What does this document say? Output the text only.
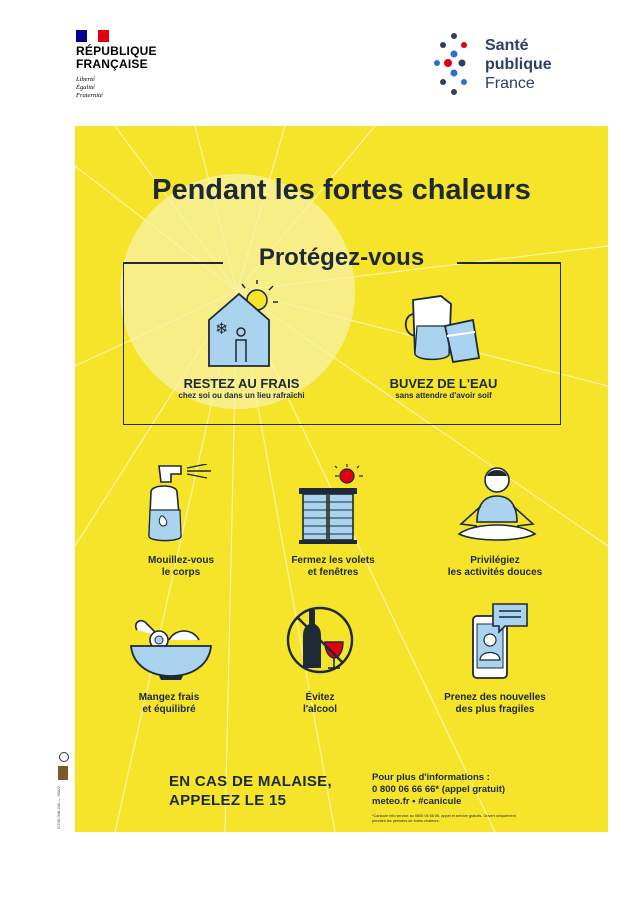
RÉPUBLIQUE
FRANÇAISE
Liberté
Égalité
Fraternité
Santé
publique
France
Pendant les fortes chaleurs
Protégez-vous
❄
RESTEZ AU FRAIS
chez soi ou dans un lieu rafraîchi
BUVEZ DE L'EAU
sans attendre d'avoir soif
Mouillez-vous
le corps
Fermez les volets
et fenêtres
Privilégiez
les activités douces
Mangez frais
et équilibré
Évitez
l'alcool
Prenez des nouvelles
des plus fragiles
EN CAS DE MALAISE,
APPELEZ LE 15
Pour plus d'informations :
0 800 06 66 66* (appel gratuit)
meteo.fr • #canicule
*Canicule info service au 0800 06 66 66, appel et service gratuits. Ouvert uniquement pendant les périodes de fortes chaleurs.
DT09-008-20A — 60A/2
